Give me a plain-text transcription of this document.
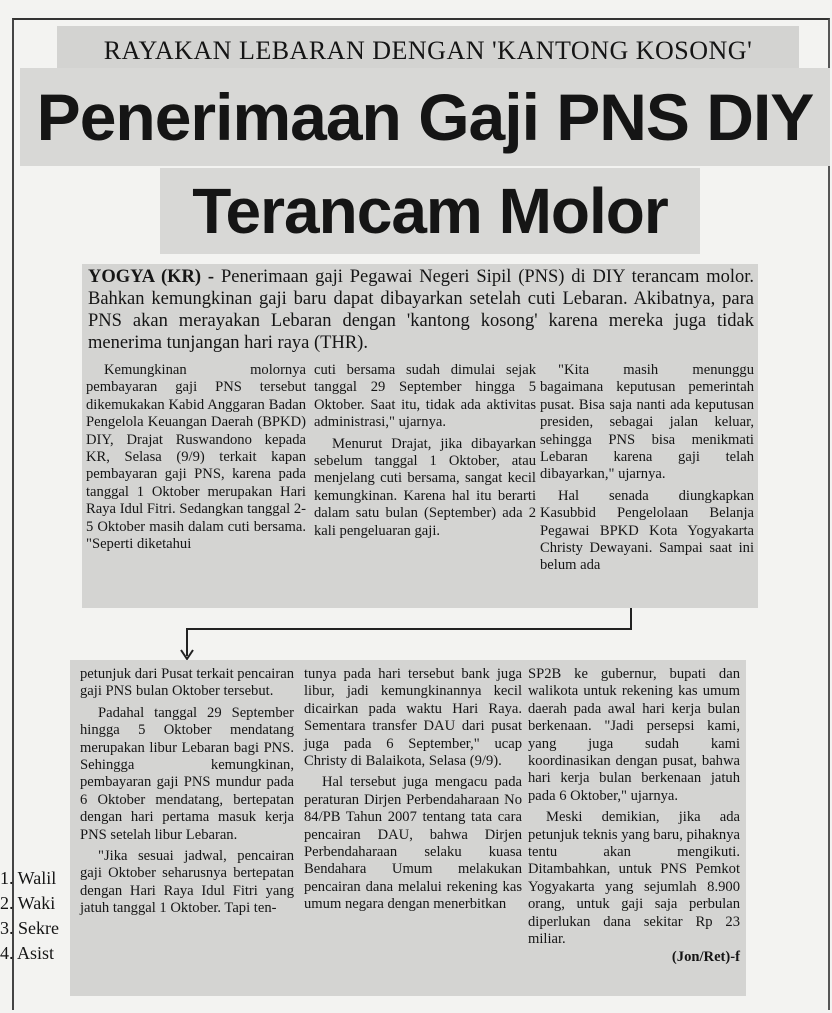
RAYAKAN LEBARAN DENGAN 'KANTONG KOSONG'
Penerimaan Gaji PNS DIY
Terancam Molor
YOGYA (KR) - Penerimaan gaji Pegawai Negeri Sipil (PNS) di DIY terancam molor. Bahkan kemungkinan gaji baru dapat dibayarkan setelah cuti Lebaran. Akibatnya, para PNS akan merayakan Lebaran dengan 'kantong kosong' karena mereka juga tidak menerima tunjangan hari raya (THR).

Kemungkinan molornya pembayaran gaji PNS tersebut dikemukakan Kabid Anggaran Badan Pengelola Keuangan Daerah (BPKD) DIY, Drajat Ruswandono kepada KR, Selasa (9/9) terkait kapan pembayaran gaji PNS, karena pada tanggal 1 Oktober merupakan Hari Raya Idul Fitri. Sedangkan tanggal 2-5 Oktober masih dalam cuti bersama. "Seperti diketahui

cuti bersama sudah dimulai sejak tanggal 29 September hingga 5 Oktober. Saat itu, tidak ada aktivitas administrasi," ujarnya.

Menurut Drajat, jika dibayarkan sebelum tanggal 1 Oktober, atau menjelang cuti bersama, sangat kecil kemungkinan. Karena hal itu berarti dalam satu bulan (September) ada 2 kali pengeluaran gaji.

"Kita masih menunggu bagaimana keputusan pemerintah pusat. Bisa saja nanti ada keputusan presiden, sebagai jalan keluar, sehingga PNS bisa menikmati Lebaran karena gaji telah dibayarkan," ujarnya.

Hal senada diungkapkan Kasubbid Pengelolaan Belanja Pegawai BPKD Kota Yogyakarta Christy Dewayani. Sampai saat ini belum ada

petunjuk dari Pusat terkait pencairan gaji PNS bulan Oktober tersebut.

Padahal tanggal 29 September hingga 5 Oktober mendatang merupakan libur Lebaran bagi PNS. Sehingga kemungkinan, pembayaran gaji PNS mundur pada 6 Oktober mendatang, bertepatan dengan hari pertama masuk kerja PNS setelah libur Lebaran.

"Jika sesuai jadwal, pencairan gaji Oktober seharusnya bertepatan dengan Hari Raya Idul Fitri yang jatuh tanggal 1 Oktober. Tapi ten-

tunya pada hari tersebut bank juga libur, jadi kemungkinannya kecil dicairkan pada waktu Hari Raya. Sementara transfer DAU dari pusat juga pada 6 September," ucap Christy di Balaikota, Selasa (9/9).

Hal tersebut juga mengacu pada peraturan Dirjen Perbendaharaan No 84/PB Tahun 2007 tentang tata cara pencairan DAU, bahwa Dirjen Perbendaharaan selaku kuasa Bendahara Umum melakukan pencairan dana melalui rekening kas umum negara dengan menerbitkan

SP2B ke gubernur, bupati dan walikota untuk rekening kas umum daerah pada awal hari kerja bulan berkenaan. "Jadi persepsi kami, yang juga sudah kami koordinasikan dengan pusat, bahwa hari kerja bulan berkenaan jatuh pada 6 Oktober," ujarnya.

Meski demikian, jika ada petunjuk teknis yang baru, pihaknya tentu akan mengikuti. Ditambahkan, untuk PNS Pemkot Yogyakarta yang sejumlah 8.900 orang, untuk gaji saja perbulan diperlukan dana sekitar Rp 23 miliar.

(Jon/Ret)-f
1. Walil
2. Waki
3. Sekre
4. Asist
